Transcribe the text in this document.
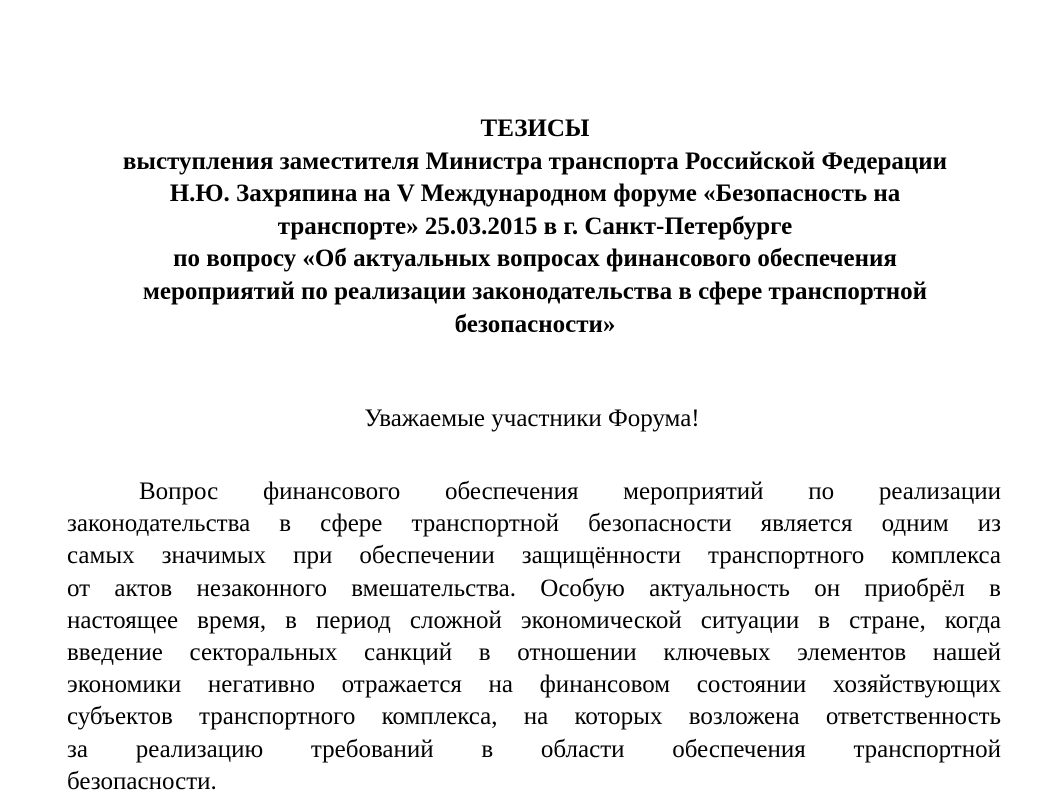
ТЕЗИСЫ
выступления заместителя Министра транспорта Российской Федерации
Н.Ю. Захряпина на V Международном форуме «Безопасность на
транспорте» 25.03.2015 в г. Санкт-Петербурге
по вопросу «Об актуальных вопросах финансового обеспечения
мероприятий по реализации законодательства в сфере транспортной
безопасности»
Уважаемые участники Форума!
Вопрос финансового обеспечения мероприятий по реализации
законодательства в сфере транспортной безопасности является одним из
самых значимых при обеспечении защищённости транспортного комплекса
от актов незаконного вмешательства. Особую актуальность он приобрёл в
настоящее время, в период сложной экономической ситуации в стране, когда
введение секторальных санкций в отношении ключевых элементов нашей
экономики негативно отражается на финансовом состоянии хозяйствующих
субъектов транспортного комплекса, на которых возложена ответственность
за реализацию требований в области обеспечения транспортной
безопасности.
